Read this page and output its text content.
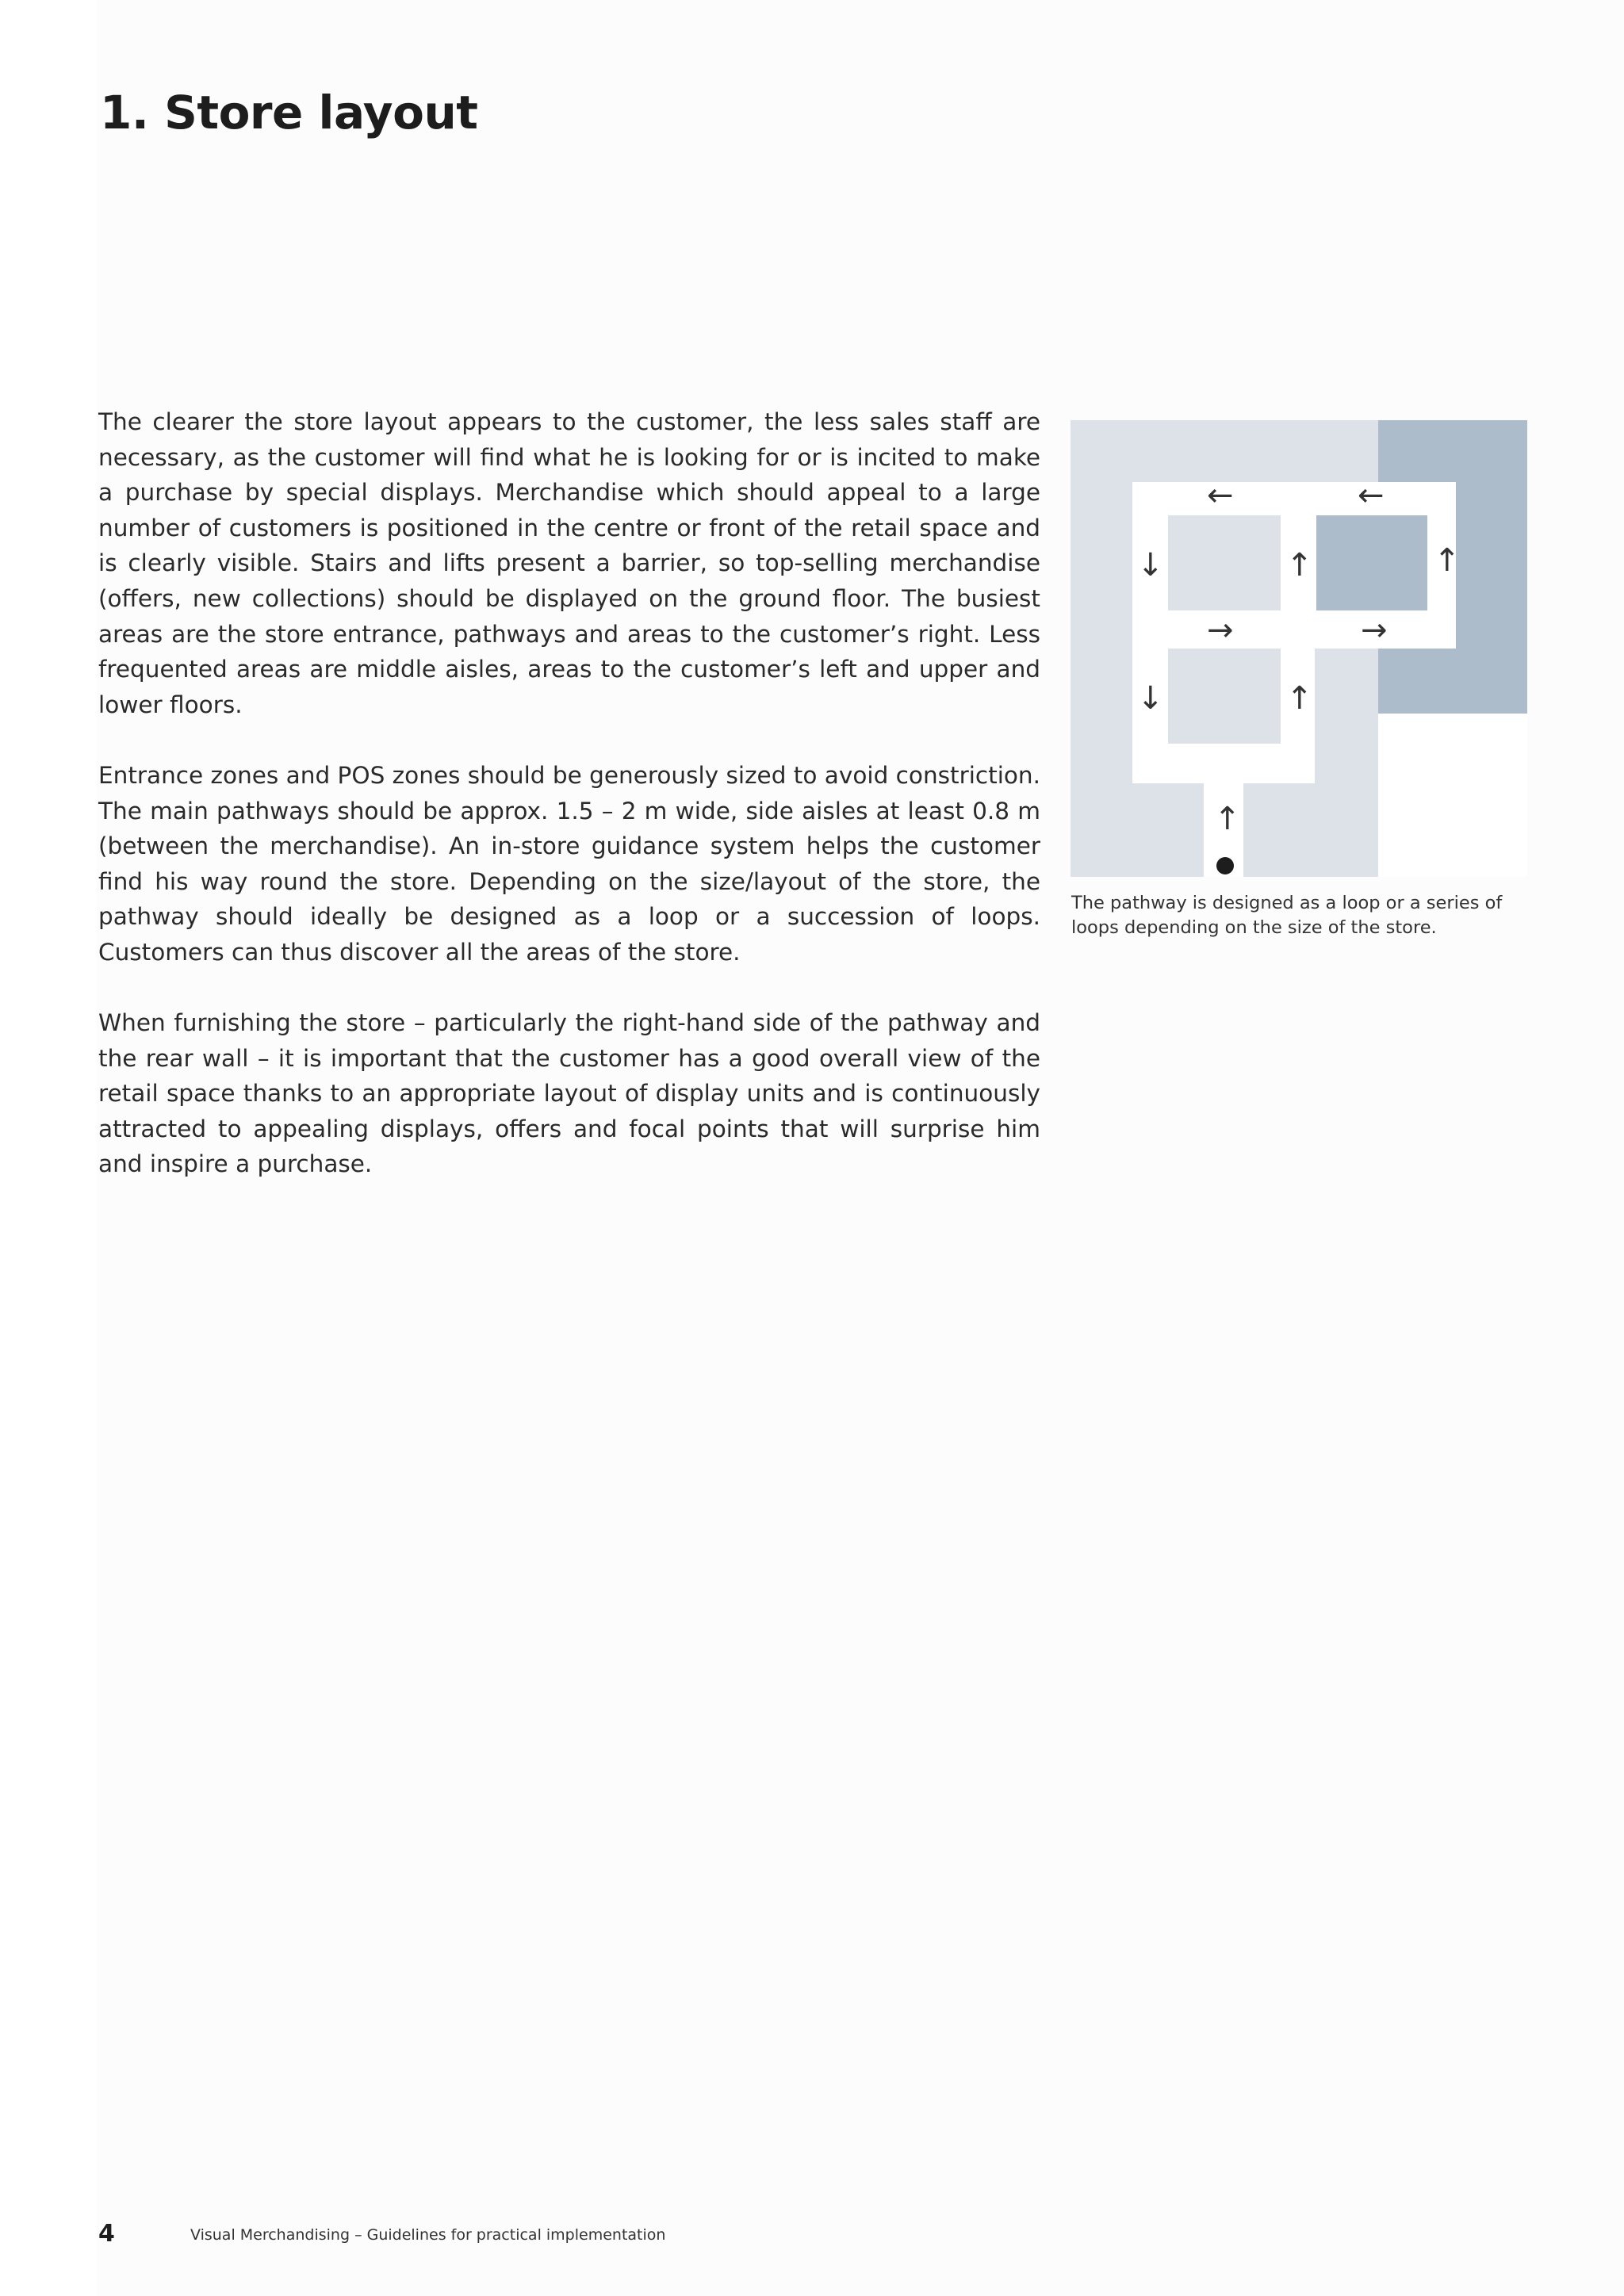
1. Store layout

The clearer the store layout appears to the customer, the less sales staff are necessary, as the customer will find what he is looking for or is incited to make a purchase by special displays. Merchandise which should appeal to a large number of customers is positioned in the centre or front of the retail space and is clearly visible. Stairs and lifts present a barrier, so top-selling merchandise (offers, new collections) should be displayed on the ground floor. The busiest areas are the store entrance, pathways and areas to the customer’s right. Less frequented areas are middle aisles, areas to the customer’s left and upper and lower floors.

Entrance zones and POS zones should be generously sized to avoid constriction. The main pathways should be approx. 1.5 – 2 m wide, side aisles at least 0.8 m (between the merchandise). An in-store guidance system helps the customer find his way round the store. Depending on the size/layout of the store, the pathway should ideally be designed as a loop or a succession of loops. Customers can thus discover all the areas of the store.

When furnishing the store – particularly the right-hand side of the pathway and the rear wall – it is important that the customer has a good overall view of the retail space thanks to an appropriate layout of display units and is continuously attracted to appealing displays, offers and focal points that will surprise him and inspire a purchase.

←	←
↓	↑	↑
→	→
↓	↑
↑
The pathway is designed as a loop or a series of loops depending on the size of the store.
4	Visual Merchandising – Guidelines for practical implementation
